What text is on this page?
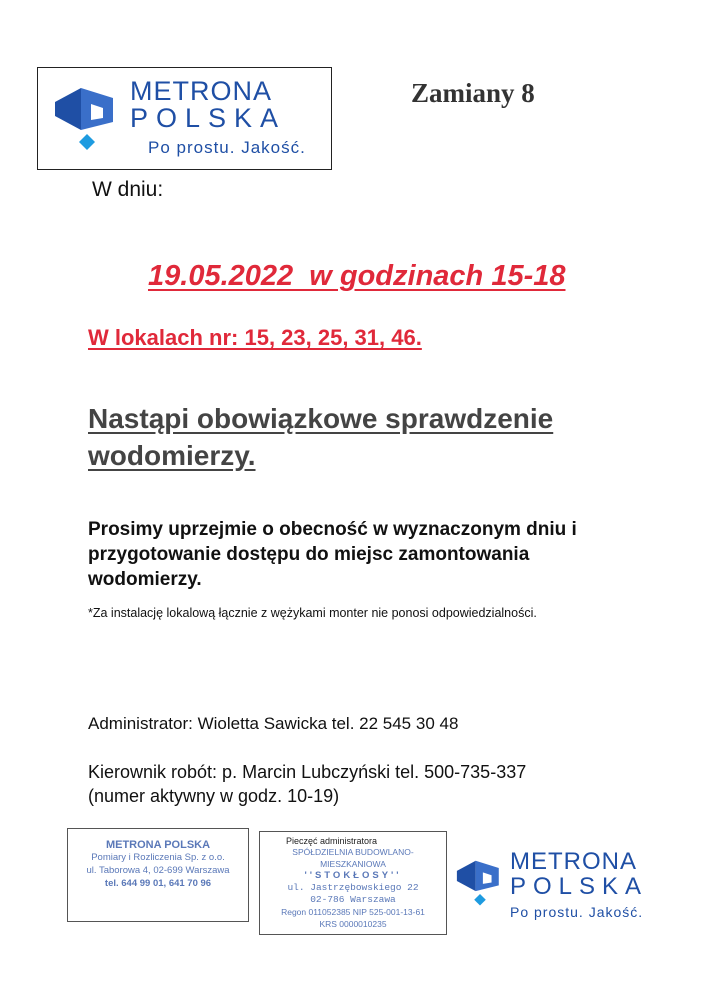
METRONA
POLSKA
Po prostu. Jakość.
Zamiany 8
W dniu:
19.05.2022  w godzinach 15-18
W lokalach nr: 15, 23, 25, 31, 46.
Nastąpi obowiązkowe sprawdzenie wodomierzy.
Prosimy uprzejmie o obecność w wyznaczonym dniu i przygotowanie dostępu do miejsc zamontowania wodomierzy.
*Za instalację lokalową łącznie z wężykami monter nie ponosi odpowiedzialności.
Administrator: Wioletta Sawicka tel. 22 545 30 48
Kierownik robót: p. Marcin Lubczyński tel. 500-735-337
(numer aktywny w godz. 10-19)
METRONA POLSKA
Pomiary i Rozliczenia Sp. z o.o.
ul. Taborowa 4, 02-699 Warszawa
tel. 644 99 01, 641 70 96
Pieczęć administratora
SPÓŁDZIELNIA BUDOWLANO-MIESZKANIOWA
''STOKŁOSY''
ul. Jastrzębowskiego 22
02-786 Warszawa
Regon 011052385 NIP 525-001-13-61
KRS 0000010235
METRONA
POLSKA
Po prostu. Jakość.
